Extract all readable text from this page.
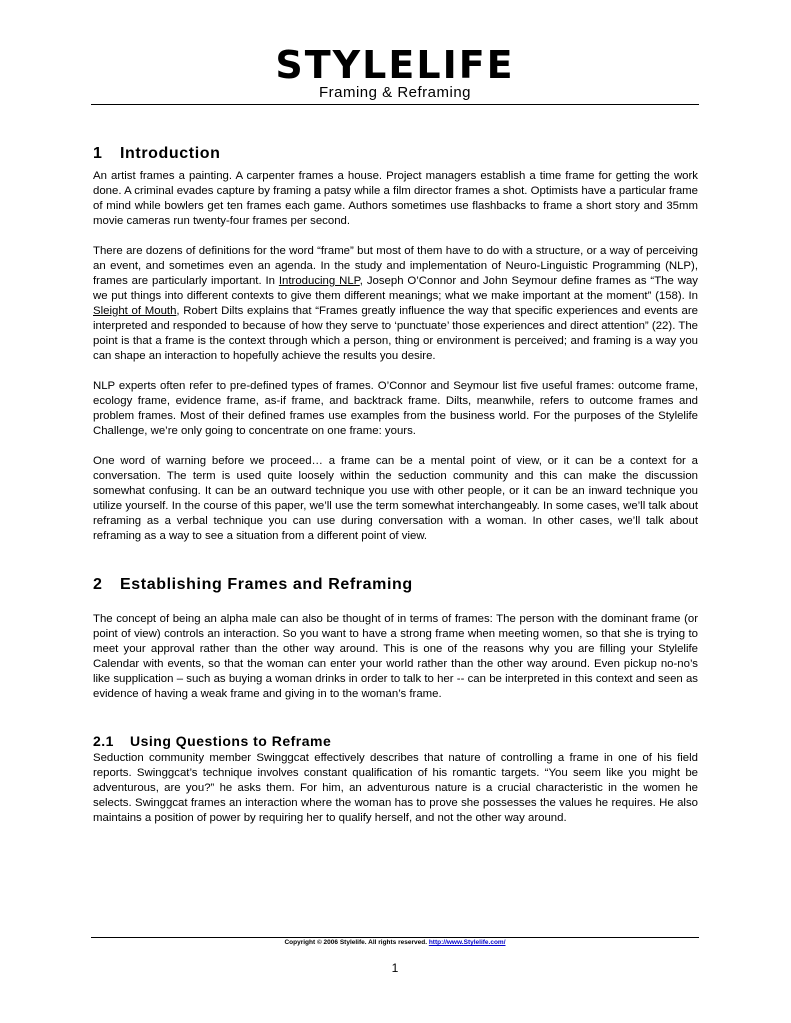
STYLELIFE
Framing & Reframing
1 Introduction

An artist frames a painting. A carpenter frames a house. Project managers establish a time frame for getting the work done. A criminal evades capture by framing a patsy while a film director frames a shot. Optimists have a particular frame of mind while bowlers get ten frames each game. Authors sometimes use flashbacks to frame a short story and 35mm movie cameras run twenty-four frames per second.

There are dozens of definitions for the word “frame” but most of them have to do with a structure, or a way of perceiving an event, and sometimes even an agenda. In the study and implementation of Neuro-Linguistic Programming (NLP), frames are particularly important. In Introducing NLP, Joseph O’Connor and John Seymour define frames as “The way we put things into different contexts to give them different meanings; what we make important at the moment” (158). In Sleight of Mouth, Robert Dilts explains that “Frames greatly influence the way that specific experiences and events are interpreted and responded to because of how they serve to ‘punctuate’ those experiences and direct attention” (22). The point is that a frame is the context through which a person, thing or environment is perceived; and framing is a way you can shape an interaction to hopefully achieve the results you desire.

NLP experts often refer to pre-defined types of frames. O’Connor and Seymour list five useful frames: outcome frame, ecology frame, evidence frame, as-if frame, and backtrack frame. Dilts, meanwhile, refers to outcome frames and problem frames. Most of their defined frames use examples from the business world. For the purposes of the Stylelife Challenge, we’re only going to concentrate on one frame: yours.

One word of warning before we proceed… a frame can be a mental point of view, or it can be a context for a conversation. The term is used quite loosely within the seduction community and this can make the discussion somewhat confusing. It can be an outward technique you use with other people, or it can be an inward technique you utilize yourself. In the course of this paper, we’ll use the term somewhat interchangeably. In some cases, we’ll talk about reframing as a verbal technique you can use during conversation with a woman. In other cases, we’ll talk about reframing as a way to see a situation from a different point of view.

2 Establishing Frames and Reframing

The concept of being an alpha male can also be thought of in terms of frames: The person with the dominant frame (or point of view) controls an interaction. So you want to have a strong frame when meeting women, so that she is trying to meet your approval rather than the other way around. This is one of the reasons why you are filling your Stylelife Calendar with events, so that the woman can enter your world rather than the other way around. Even pickup no-no’s like supplication – such as buying a woman drinks in order to talk to her -- can be interpreted in this context and seen as evidence of having a weak frame and giving in to the woman’s frame.

2.1 Using Questions to Reframe

Seduction community member Swinggcat effectively describes that nature of controlling a frame in one of his field reports. Swinggcat’s technique involves constant qualification of his romantic targets. “You seem like you might be adventurous, are you?” he asks them. For him, an adventurous nature is a crucial characteristic in the women he selects. Swinggcat frames an interaction where the woman has to prove she possesses the values he requires. He also maintains a position of power by requiring her to qualify herself, and not the other way around.

Copyright © 2006 Stylelife. All rights reserved. http://www.Stylelife.com/
1
